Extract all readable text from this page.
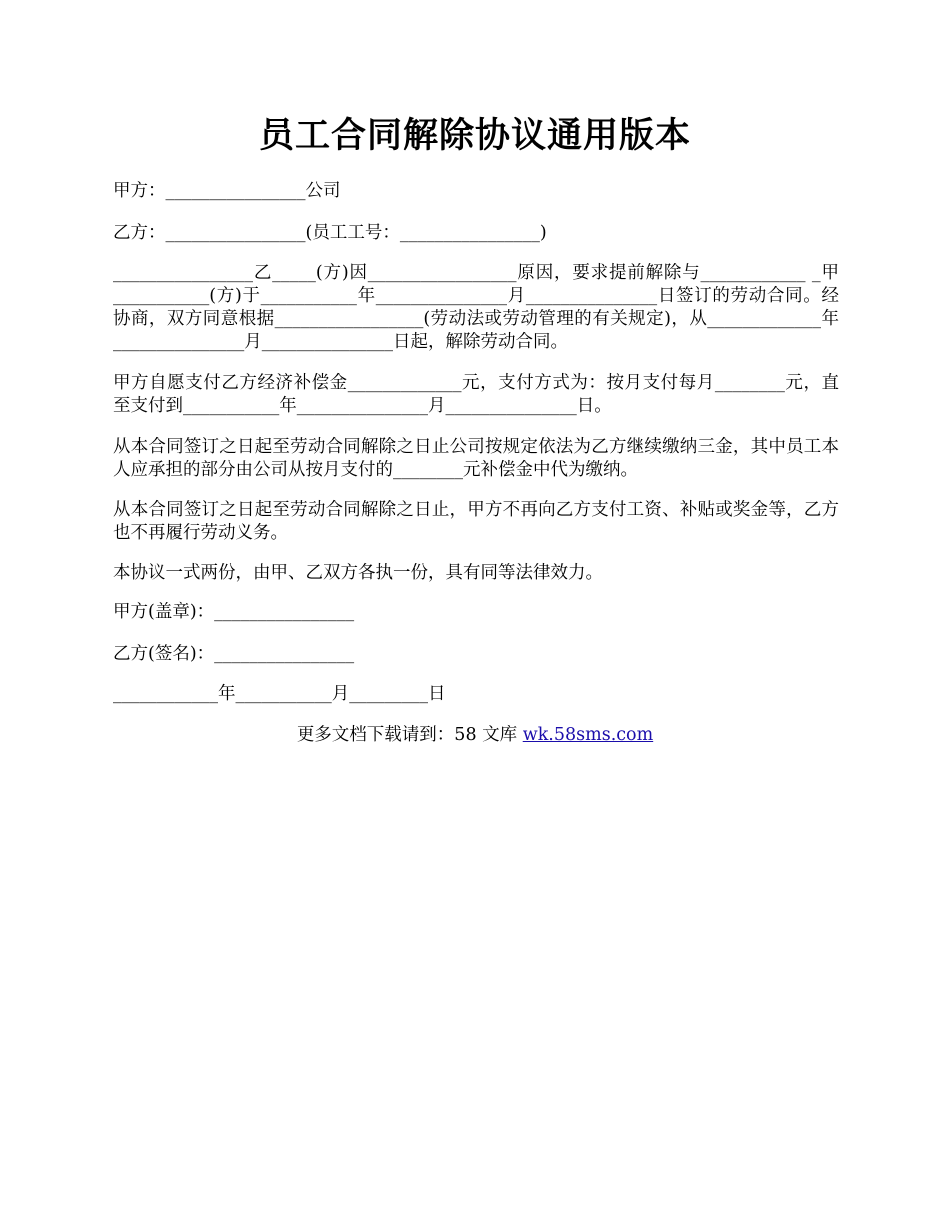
员工合同解除协议通用版本
甲方：________________公司
乙方：________________(员工工号：________________)
________________乙_____(方)因_________________原因，要求提前解除与____________ _甲___________(方)于___________年_______________月_______________日签订的劳动合同。经协商，双方同意根据_________________(劳动法或劳动管理的有关规定)，从_____________年_______________月_______________日起，解除劳动合同。
甲方自愿支付乙方经济补偿金_____________元，支付方式为：按月支付每月________元，直至支付到___________年_______________月_______________日。
从本合同签订之日起至劳动合同解除之日止公司按规定依法为乙方继续缴纳三金，其中员工本人应承担的部分由公司从按月支付的________元补偿金中代为缴纳。
从本合同签订之日起至劳动合同解除之日止，甲方不再向乙方支付工资、补贴或奖金等，乙方也不再履行劳动义务。
本协议一式两份，由甲、乙双方各执一份，具有同等法律效力。
甲方(盖章)：________________
乙方(签名)：________________
____________年___________月_________日
更多文档下载请到：58 文库 wk.58sms.com
